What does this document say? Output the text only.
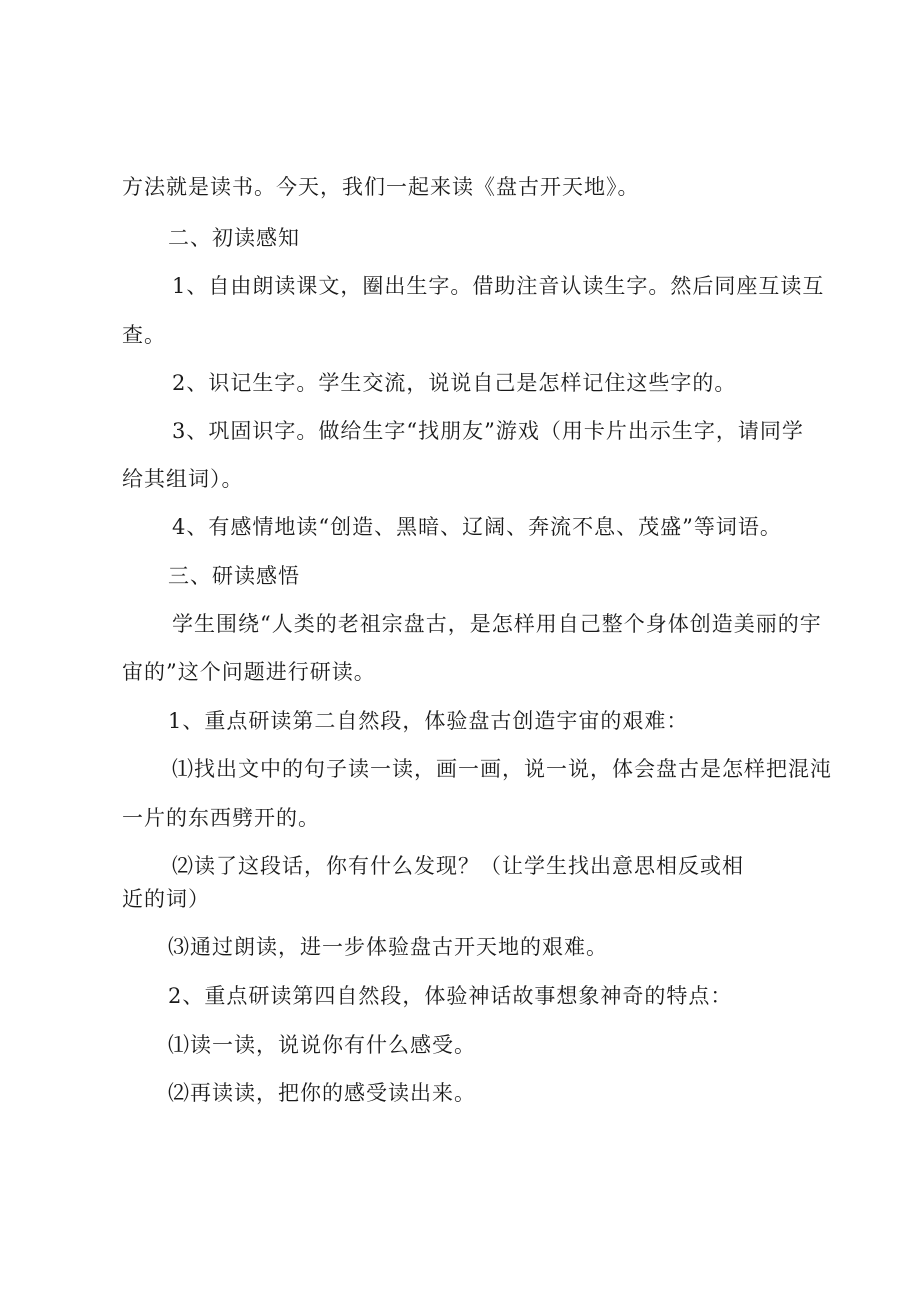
方法就是读书。今天，我们一起来读《盘古开天地》。
二、初读感知
1、自由朗读课文，圈出生字。借助注音认读生字。然后同座互读互
查。
2、识记生字。学生交流，说说自己是怎样记住这些字的。
3、巩固识字。做给生字“找朋友”游戏（用卡片出示生字，请同学
给其组词）。
4、有感情地读“创造、黑暗、辽阔、奔流不息、茂盛”等词语。
三、研读感悟
学生围绕“人类的老祖宗盘古，是怎样用自己整个身体创造美丽的宇
宙的”这个问题进行研读。
1、重点研读第二自然段，体验盘古创造宇宙的艰难：
⑴找出文中的句子读一读，画一画，说一说，体会盘古是怎样把混沌
一片的东西劈开的。
⑵读了这段话，你有什么发现？（让学生找出意思相反或相
近的词）
⑶通过朗读，进一步体验盘古开天地的艰难。
2、重点研读第四自然段，体验神话故事想象神奇的特点：
⑴读一读，说说你有什么感受。
⑵再读读，把你的感受读出来。
